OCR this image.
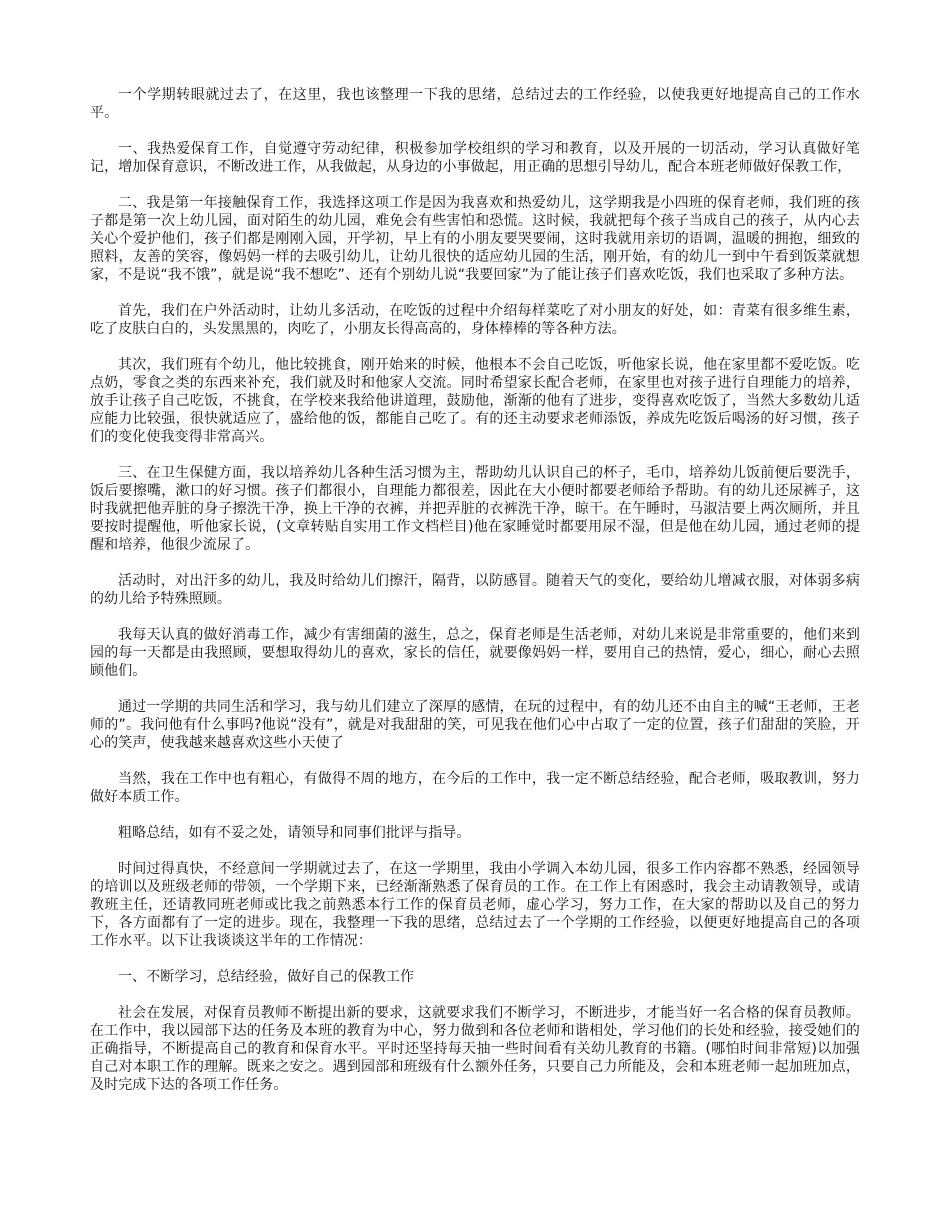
一个学期转眼就过去了，在这里，我也该整理一下我的思绪，总结过去的工作经验，以使我更好地提高自己的工作水平。

一、我热爱保育工作，自觉遵守劳动纪律，积极参加学校组织的学习和教育，以及开展的一切活动，学习认真做好笔记，增加保育意识，不断改进工作，从我做起，从身边的小事做起，用正确的思想引导幼儿，配合本班老师做好保教工作，

二、我是第一年接触保育工作，我选择这项工作是因为我喜欢和热爱幼儿，这学期我是小四班的保育老师，我们班的孩子都是第一次上幼儿园，面对陌生的幼儿园，难免会有些害怕和恐慌。这时候，我就把每个孩子当成自己的孩子，从内心去关心个爱护他们，孩子们都是刚刚入园，开学初，早上有的小朋友要哭要闹，这时我就用亲切的语调，温暖的拥抱，细致的照料，友善的笑容，像妈妈一样的去吸引幼儿，让幼儿很快的适应幼儿园的生活，刚开始，有的幼儿一到中午看到饭菜就想家，不是说“我不饿”，就是说“我不想吃”、还有个别幼儿说“我要回家”为了能让孩子们喜欢吃饭，我们也采取了多种方法。

首先，我们在户外活动时，让幼儿多活动，在吃饭的过程中介绍每样菜吃了对小朋友的好处，如：青菜有很多维生素，吃了皮肤白白的，头发黑黑的，肉吃了，小朋友长得高高的，身体棒棒的等各种方法。

其次，我们班有个幼儿，他比较挑食，刚开始来的时候，他根本不会自己吃饭，听他家长说，他在家里都不爱吃饭。吃点奶，零食之类的东西来补充，我们就及时和他家人交流。同时希望家长配合老师，在家里也对孩子进行自理能力的培养，放手让孩子自己吃饭，不挑食，在学校来我给他讲道理，鼓励他，渐渐的他有了进步，变得喜欢吃饭了，当然大多数幼儿适应能力比较强，很快就适应了，盛给他的饭，都能自己吃了。有的还主动要求老师添饭，养成先吃饭后喝汤的好习惯，孩子们的变化使我变得非常高兴。

三、在卫生保健方面，我以培养幼儿各种生活习惯为主，帮助幼儿认识自己的杯子，毛巾，培养幼儿饭前便后要洗手，饭后要擦嘴，漱口的好习惯。孩子们都很小，自理能力都很差，因此在大小便时都要老师给予帮助。有的幼儿还尿裤子，这时我就把他弄脏的身子擦洗干净，换上干净的衣裤，并把弄脏的衣裤洗干净，晾干。在午睡时，马淑洁要上两次厕所，并且要按时提醒他，听他家长说，(文章转贴自实用工作文档栏目)他在家睡觉时都要用尿不湿，但是他在幼儿园，通过老师的提醒和培养，他很少流尿了。

活动时，对出汗多的幼儿，我及时给幼儿们擦汗，隔背，以防感冒。随着天气的变化，要给幼儿增减衣服，对体弱多病的幼儿给予特殊照顾。

我每天认真的做好消毒工作，减少有害细菌的滋生，总之，保育老师是生活老师，对幼儿来说是非常重要的，他们来到园的每一天都是由我照顾，要想取得幼儿的喜欢，家长的信任，就要像妈妈一样，要用自己的热情，爱心，细心，耐心去照顾他们。

通过一学期的共同生活和学习，我与幼儿们建立了深厚的感情，在玩的过程中，有的幼儿还不由自主的喊“王老师，王老师的”。我问他有什么事吗?他说“没有”，就是对我甜甜的笑，可见我在他们心中占取了一定的位置，孩子们甜甜的笑脸，开心的笑声，使我越来越喜欢这些小天使了

当然，我在工作中也有粗心，有做得不周的地方，在今后的工作中，我一定不断总结经验，配合老师，吸取教训，努力做好本质工作。

粗略总结，如有不妥之处，请领导和同事们批评与指导。

时间过得真快，不经意间一学期就过去了，在这一学期里，我由小学调入本幼儿园，很多工作内容都不熟悉，经园领导的培训以及班级老师的带领，一个学期下来，已经渐渐熟悉了保育员的工作。在工作上有困惑时，我会主动请教领导，或请教班主任，还请教同班老师或比我之前熟悉本行工作的保育员老师，虚心学习，努力工作，在大家的帮助以及自己的努力下，各方面都有了一定的进步。现在，我整理一下我的思绪，总结过去了一个学期的工作经验，以便更好地提高自己的各项工作水平。以下让我谈谈这半年的工作情况：

一、不断学习，总结经验，做好自己的保教工作

社会在发展，对保育员教师不断提出新的要求，这就要求我们不断学习，不断进步，才能当好一名合格的保育员教师。在工作中，我以园部下达的任务及本班的教育为中心，努力做到和各位老师和谐相处，学习他们的长处和经验，接受她们的正确指导，不断提高自己的教育和保育水平。平时还坚持每天抽一些时间看有关幼儿教育的书籍。(哪怕时间非常短)以加强自己对本职工作的理解。既来之安之。遇到园部和班级有什么额外任务，只要自己力所能及，会和本班老师一起加班加点，及时完成下达的各项工作任务。
